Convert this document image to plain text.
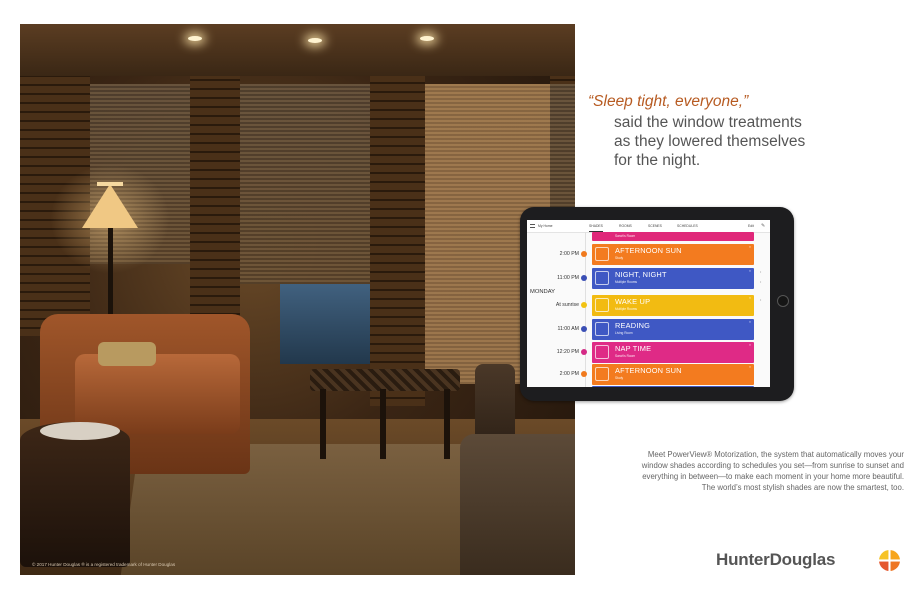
© 2017 Hunter Douglas ® is a registered trademark of Hunter Douglas
“Sleep tight, everyone,”
said the window treatments
as they lowered themselves
for the night.
My Home	SHADES	ROOMS	SCENES	SCHEDULES	Edit ✎
Sarah's Room
2:00 PM	AFTERNOON SUN
Study
×
11:00 PM	NIGHT, NIGHT
Multiple Rooms
×
MONDAY
At sunrise	WAKE UP
Multiple Rooms
×
11:00 AM	READING
Living Room
×
12:20 PM	NAP TIME
Sarah's Room
×
2:00 PM	AFTERNOON SUN
Study
×
•
•
•
Meet PowerView® Motorization, the system that automatically moves your
window shades according to schedules you set—from sunrise to sunset and
everything in between—to make each moment in your home more beautiful.
The world’s most stylish shades are now the smartest, too.
HunterDouglas
